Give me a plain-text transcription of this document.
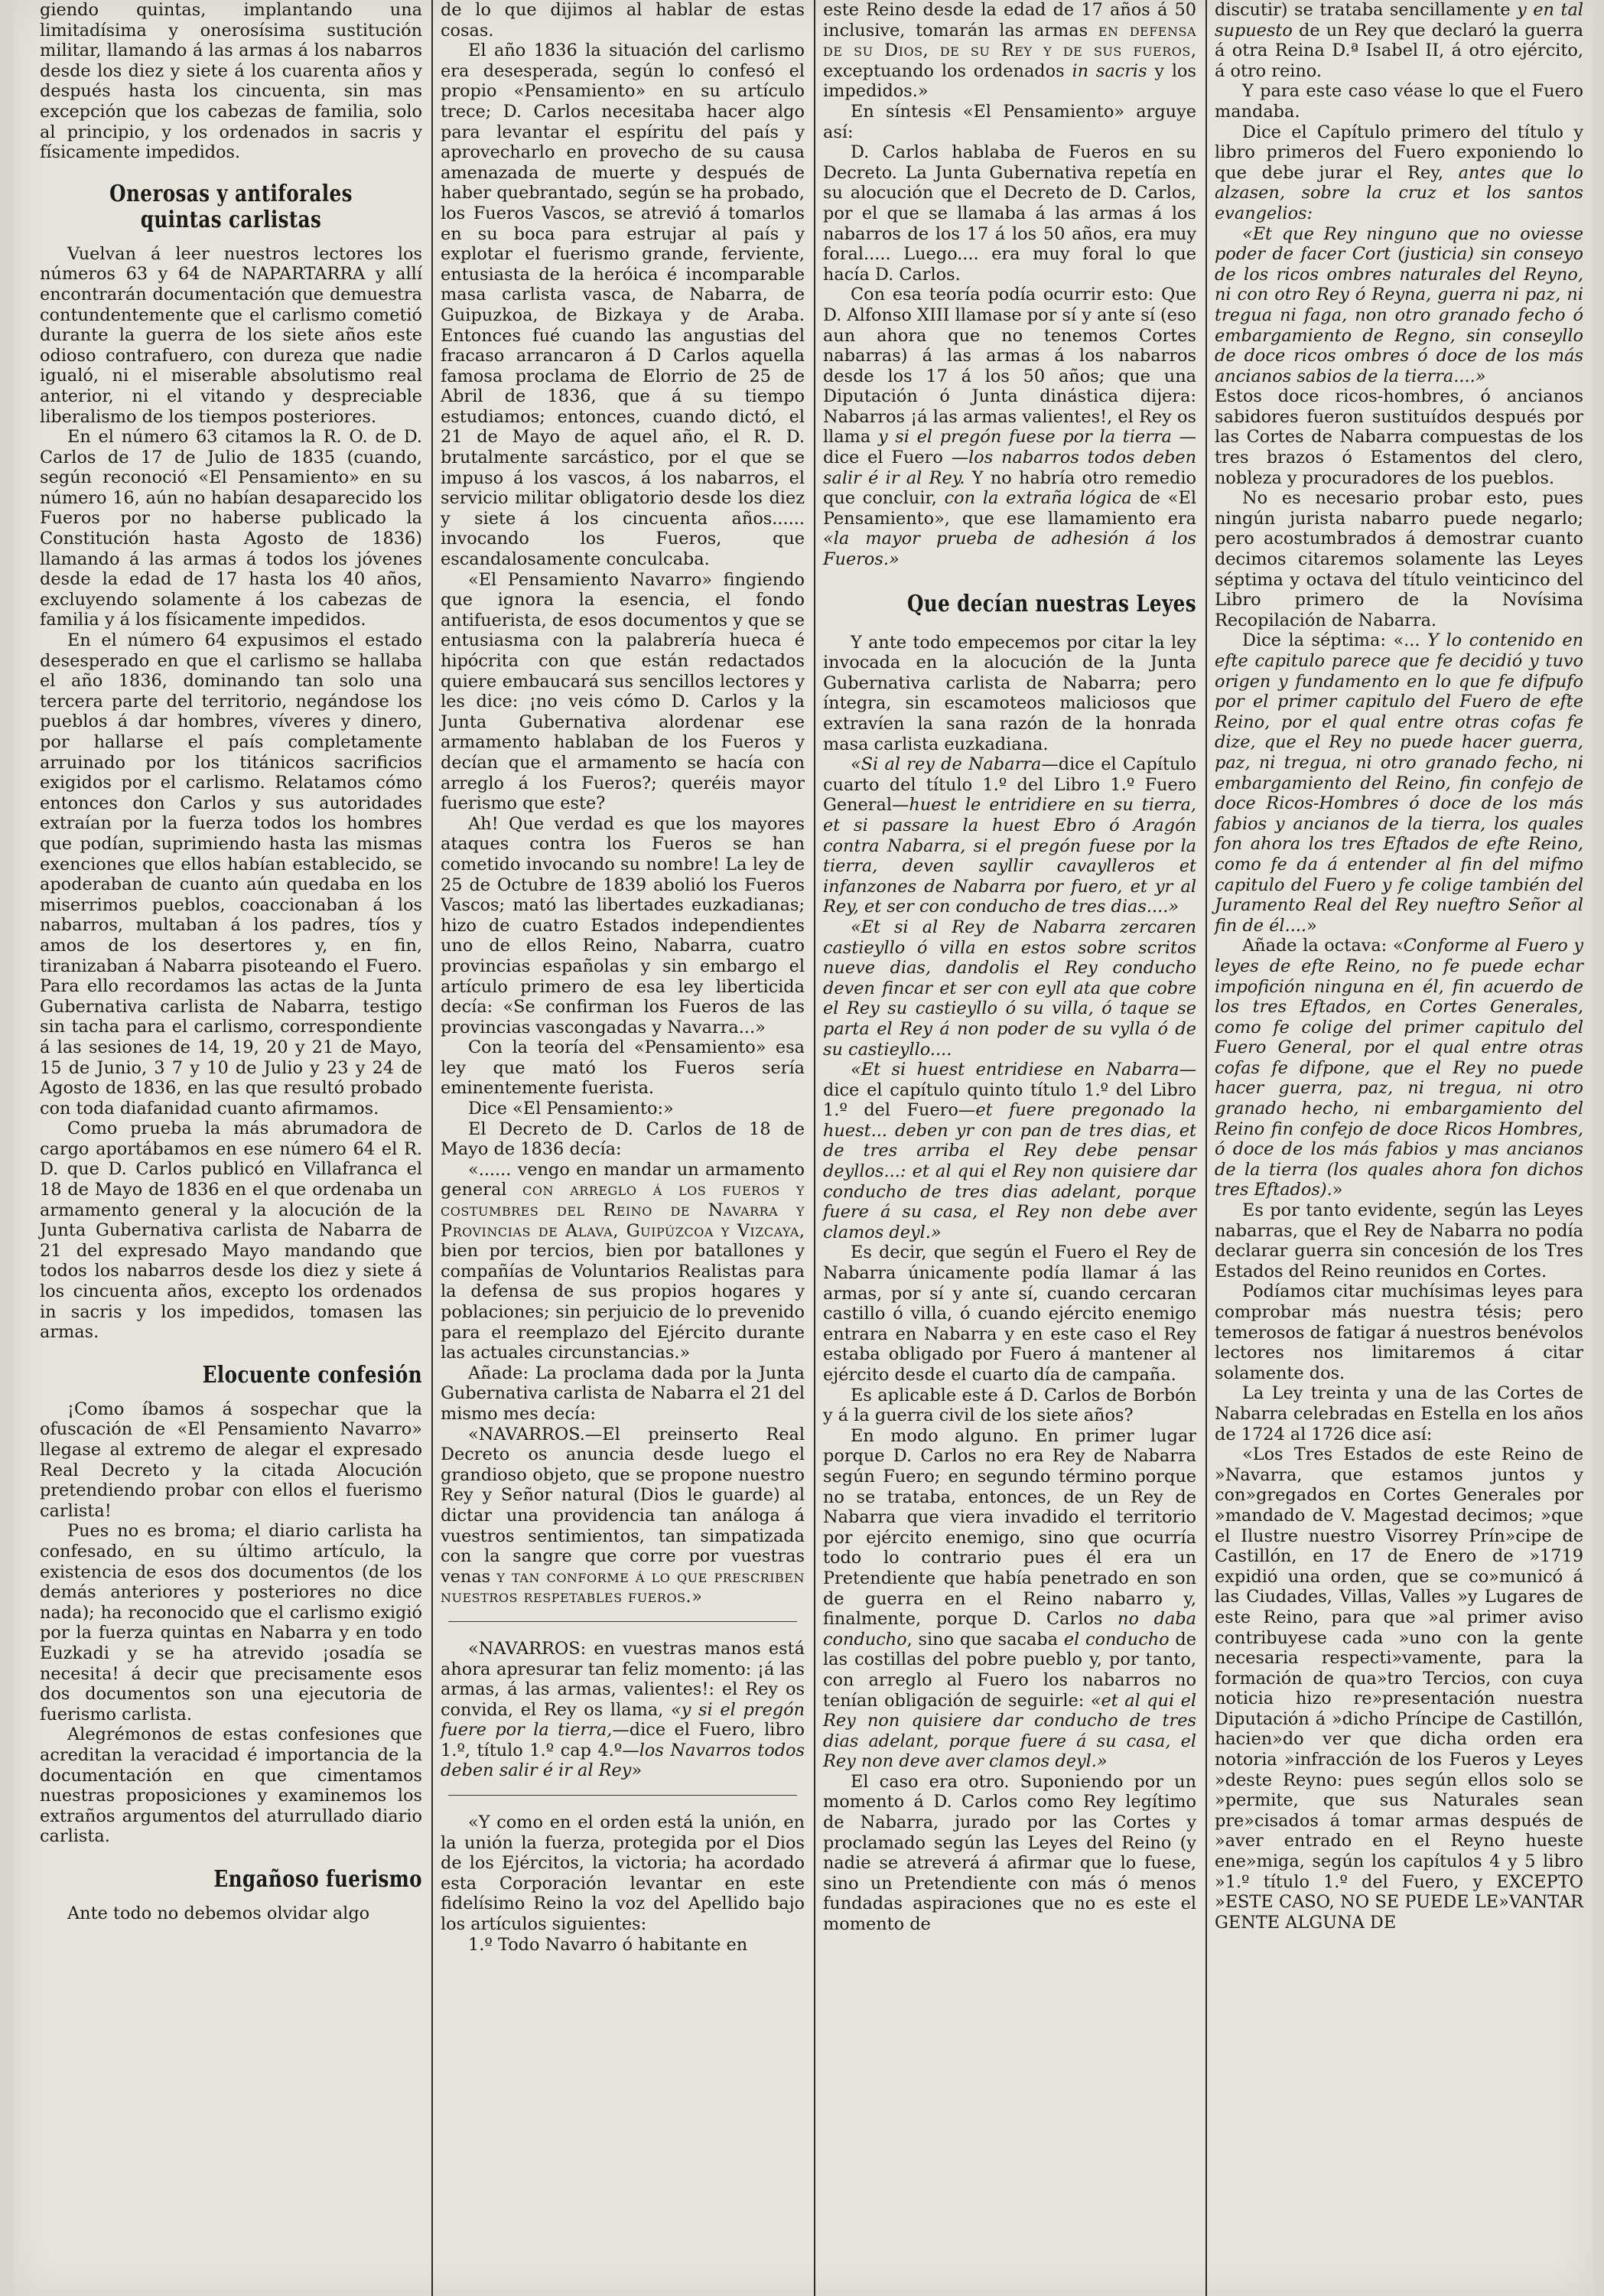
giendo quintas, implantando una limitadísima y onerosísima sustitución militar, llamando á las armas á los nabarros desde los diez y siete á los cuarenta años y después hasta los cincuenta, sin mas excepción que los cabezas de familia, solo al principio, y los ordenados in sacris y físicamente impedidos.

Onerosas y antiforales quintas carlistas

Vuelvan á leer nuestros lectores los números 63 y 64 de NAPARTARRA y allí encontrarán documentación que demuestra contundentemente que el carlismo cometió durante la guerra de los siete años este odioso contrafuero, con dureza que nadie igualó, ni el miserable absolutismo real anterior, ni el vitando y despreciable liberalismo de los tiempos posteriores.

En el número 63 citamos la R. O. de D. Carlos de 17 de Julio de 1835 (cuando, según reconoció «El Pensamiento» en su número 16, aún no habían desaparecido los Fueros por no haberse publicado la Constitución hasta Agosto de 1836) llamando á las armas á todos los jóvenes desde la edad de 17 hasta los 40 años, excluyendo solamente á los cabezas de familia y á los físicamente impedidos.

En el número 64 expusimos el estado desesperado en que el carlismo se hallaba el año 1836, dominando tan solo una tercera parte del territorio, negándose los pueblos á dar hombres, víveres y dinero, por hallarse el país completamente arruinado por los titánicos sacrificios exigidos por el carlismo. Relatamos cómo entonces don Carlos y sus autoridades extraían por la fuerza todos los hombres que podían, suprimiendo hasta las mismas exenciones que ellos habían establecido, se apoderaban de cuanto aún quedaba en los miserrimos pueblos, coaccionaban á los nabarros, multaban á los padres, tíos y amos de los desertores y, en fin, tiranizaban á Nabarra pisoteando el Fuero. Para ello recordamos las actas de la Junta Gubernativa carlista de Nabarra, testigo sin tacha para el carlismo, correspondiente á las sesiones de 14, 19, 20 y 21 de Mayo, 15 de Junio, 3 7 y 10 de Julio y 23 y 24 de Agosto de 1836, en las que resultó probado con toda diafanidad cuanto afirmamos.

Como prueba la más abrumadora de cargo aportábamos en ese número 64 el R. D. que D. Carlos publicó en Villafranca el 18 de Mayo de 1836 en el que ordenaba un armamento general y la alocución de la Junta Gubernativa carlista de Nabarra de 21 del expresado Mayo mandando que todos los nabarros desde los diez y siete á los cincuenta años, excepto los ordenados in sacris y los impedidos, tomasen las armas.

Elocuente confesión

¡Como íbamos á sospechar que la ofuscación de «El Pensamiento Navarro» llegase al extremo de alegar el expresado Real Decreto y la citada Alocución pretendiendo probar con ellos el fuerismo carlista!

Pues no es broma; el diario carlista ha confesado, en su último artículo, la existencia de esos dos documentos (de los demás anteriores y posteriores no dice nada); ha reconocido que el carlismo exigió por la fuerza quintas en Nabarra y en todo Euzkadi y se ha atrevido ¡osadía se necesita! á decir que precisamente esos dos documentos son una ejecutoria de fuerismo carlista.

Alegrémonos de estas confesiones que acreditan la veracidad é importancia de la documentación en que cimentamos nuestras proposiciones y examinemos los extraños argumentos del aturrullado diario carlista.

Engañoso fuerismo

Ante todo no debemos olvidar algo

de lo que dijimos al hablar de estas cosas.

El año 1836 la situación del carlismo era desesperada, según lo confesó el propio «Pensamiento» en su artículo trece; D. Carlos necesitaba hacer algo para levantar el espíritu del país y aprovecharlo en provecho de su causa amenazada de muerte y después de haber quebrantado, según se ha probado, los Fueros Vascos, se atrevió á tomarlos en su boca para estrujar al país y explotar el fuerismo grande, ferviente, entusiasta de la heróica é incomparable masa carlista vasca, de Nabarra, de Guipuzkoa, de Bizkaya y de Araba. Entonces fué cuando las angustias del fracaso arrancaron á D Carlos aquella famosa proclama de Elorrio de 25 de Abril de 1836, que á su tiempo estudiamos; entonces, cuando dictó, el 21 de Mayo de aquel año, el R. D. brutalmente sarcástico, por el que se impuso á los vascos, á los nabarros, el servicio militar obligatorio desde los diez y siete á los cincuenta años...... invocando los Fueros, que escandalosamente conculcaba.

«El Pensamiento Navarro» fingiendo que ignora la esencia, el fondo antifuerista, de esos documentos y que se entusiasma con la palabrería hueca é hipócrita con que están redactados quiere embaucará sus sencillos lectores y les dice: ¡no veis cómo D. Carlos y la Junta Gubernativa alordenar ese armamento hablaban de los Fueros y decían que el armamento se hacía con arreglo á los Fueros?; queréis mayor fuerismo que este?

Ah! Que verdad es que los mayores ataques contra los Fueros se han cometido invocando su nombre! La ley de 25 de Octubre de 1839 abolió los Fueros Vascos; mató las libertades euzkadianas; hizo de cuatro Estados independientes uno de ellos Reino, Nabarra, cuatro provincias españolas y sin embargo el artículo primero de esa ley liberticida decía: «Se confirman los Fueros de las provincias vascongadas y Navarra...»

Con la teoría del «Pensamiento» esa ley que mató los Fueros sería eminentemente fuerista.

Dice «El Pensamiento:»

El Decreto de D. Carlos de 18 de Mayo de 1836 decía:

«...... vengo en mandar un armamento general con arreglo á los fueros y costumbres del Reino de Navarra y Provincias de Alava, Guipúzcoa y Vizcaya, bien por tercios, bien por batallones y compañías de Voluntarios Realistas para la defensa de sus propios hogares y poblaciones; sin perjuicio de lo prevenido para el reemplazo del Ejército durante las actuales circunstancias.»

Añade: La proclama dada por la Junta Gubernativa carlista de Nabarra el 21 del mismo mes decía:

«NAVARROS.—El preinserto Real Decreto os anuncia desde luego el grandioso objeto, que se propone nuestro Rey y Señor natural (Dios le guarde) al dictar una providencia tan análoga á vuestros sentimientos, tan simpatizada con la sangre que corre por vuestras venas y tan conforme á lo que prescriben nuestros respetables fueros.»

«NAVARROS: en vuestras manos está ahora apresurar tan feliz momento: ¡á las armas, á las armas, valientes!: el Rey os convida, el Rey os llama, «y si el pregón fuere por la tierra,—dice el Fuero, libro 1.º, título 1.º cap 4.º—los Navarros todos deben salir é ir al Rey»

«Y como en el orden está la unión, en la unión la fuerza, protegida por el Dios de los Ejércitos, la victoria; ha acordado esta Corporación levantar en este fidelísimo Reino la voz del Apellido bajo los artículos siguientes:

1.º Todo Navarro ó habitante en

este Reino desde la edad de 17 años á 50 inclusive, tomarán las armas en defensa de su Dios, de su Rey y de sus fueros, exceptuando los ordenados in sacris y los impedidos.»

En síntesis «El Pensamiento» arguye así:

D. Carlos hablaba de Fueros en su Decreto. La Junta Gubernativa repetía en su alocución que el Decreto de D. Carlos, por el que se llamaba á las armas á los nabarros de los 17 á los 50 años, era muy foral..... Luego.... era muy foral lo que hacía D. Carlos.

Con esa teoría podía ocurrir esto: Que D. Alfonso XIII llamase por sí y ante sí (eso aun ahora que no tenemos Cortes nabarras) á las armas á los nabarros desde los 17 á los 50 años; que una Diputación ó Junta dinástica dijera: Nabarros ¡á las armas valientes!, el Rey os llama y si el pregón fuese por la tierra —dice el Fuero —los nabarros todos deben salir é ir al Rey. Y no habría otro remedio que concluir, con la extraña lógica de «El Pensamiento», que ese llamamiento era «la mayor prueba de adhesión á los Fueros.»

Que decían nuestras Leyes

Y ante todo empecemos por citar la ley invocada en la alocución de la Junta Gubernativa carlista de Nabarra; pero íntegra, sin escamoteos maliciosos que extravíen la sana razón de la honrada masa carlista euzkadiana.

«Si al rey de Nabarra—dice el Capítulo cuarto del título 1.º del Libro 1.º Fuero General—huest le entridiere en su tierra, et si passare la huest Ebro ó Aragón contra Nabarra, si el pregón fuese por la tierra, deven sayllir cavaylleros et infanzones de Nabarra por fuero, et yr al Rey, et ser con conducho de tres dias....»

«Et si al Rey de Nabarra zercaren castieyllo ó villa en estos sobre scritos nueve dias, dandolis el Rey conducho deven fincar et ser con eyll ata que cobre el Rey su castieyllo ó su villa, ó taque se parta el Rey á non poder de su vylla ó de su castieyllo....

«Et si huest entridiese en Nabarra—dice el capítulo quinto título 1.º del Libro 1.º del Fuero—et fuere pregonado la huest... deben yr con pan de tres dias, et de tres arriba el Rey debe pensar deyllos...: et al qui el Rey non quisiere dar conducho de tres dias adelant, porque fuere á su casa, el Rey non debe aver clamos deyl.»

Es decir, que según el Fuero el Rey de Nabarra únicamente podía llamar á las armas, por sí y ante sí, cuando cercaran castillo ó villa, ó cuando ejército enemigo entrara en Nabarra y en este caso el Rey estaba obligado por Fuero á mantener al ejército desde el cuarto día de campaña.

Es aplicable este á D. Carlos de Borbón y á la guerra civil de los siete años?

En modo alguno. En primer lugar porque D. Carlos no era Rey de Nabarra según Fuero; en segundo término porque no se trataba, entonces, de un Rey de Nabarra que viera invadido el territorio por ejército enemigo, sino que ocurría todo lo contrario pues él era un Pretendiente que había penetrado en son de guerra en el Reino nabarro y, finalmente, porque D. Carlos no daba conducho, sino que sacaba el conducho de las costillas del pobre pueblo y, por tanto, con arreglo al Fuero los nabarros no tenían obligación de seguirle: «et al qui el Rey non quisiere dar conducho de tres dias adelant, porque fuere á su casa, el Rey non deve aver clamos deyl.»

El caso era otro. Suponiendo por un momento á D. Carlos como Rey legítimo de Nabarra, jurado por las Cortes y proclamado según las Leyes del Reino (y nadie se atreverá á afirmar que lo fuese, sino un Pretendiente con más ó menos fundadas aspiraciones que no es este el momento de

discutir) se trataba sencillamente y en tal supuesto de un Rey que declaró la guerra á otra Reina D.ª Isabel II, á otro ejército, á otro reino.

Y para este caso véase lo que el Fuero mandaba.

Dice el Capítulo primero del título y libro primeros del Fuero exponiendo lo que debe jurar el Rey, antes que lo alzasen, sobre la cruz et los santos evangelios:

«Et que Rey ninguno que no oviesse poder de facer Cort (justicia) sin conseyo de los ricos ombres naturales del Reyno, ni con otro Rey ó Reyna, guerra ni paz, ni tregua ni faga, non otro granado fecho ó embargamiento de Regno, sin conseyllo de doce ricos ombres ó doce de los más ancianos sabios de la tierra....»

Estos doce ricos-hombres, ó ancianos sabidores fueron sustituídos después por las Cortes de Nabarra compuestas de los tres brazos ó Estamentos del clero, nobleza y procuradores de los pueblos.

No es necesario probar esto, pues ningún jurista nabarro puede negarlo; pero acostumbrados á demostrar cuanto decimos citaremos solamente las Leyes séptima y octava del título veinticinco del Libro primero de la Novísima Recopilación de Nabarra.

Dice la séptima: «... Y lo contenido en efte capitulo parece que fe decidió y tuvo origen y fundamento en lo que fe difpufo por el primer capitulo del Fuero de efte Reino, por el qual entre otras cofas fe dize, que el Rey no puede hacer guerra, paz, ni tregua, ni otro granado fecho, ni embargamiento del Reino, fin confejo de doce Ricos-Hombres ó doce de los más fabios y ancianos de la tierra, los quales fon ahora los tres Eftados de efte Reino, como fe da á entender al fin del mifmo capitulo del Fuero y fe colige también del Juramento Real del Rey nueftro Señor al fin de él....»

Añade la octava: «Conforme al Fuero y leyes de efte Reino, no fe puede echar impofición ninguna en él, fin acuerdo de los tres Eftados, en Cortes Generales, como fe colige del primer capitulo del Fuero General, por el qual entre otras cofas fe difpone, que el Rey no puede hacer guerra, paz, ni tregua, ni otro granado hecho, ni embargamiento del Reino fin confejo de doce Ricos Hombres, ó doce de los más fabios y mas ancianos de la tierra (los quales ahora fon dichos tres Eftados).»

Es por tanto evidente, según las Leyes nabarras, que el Rey de Nabarra no podía declarar guerra sin concesión de los Tres Estados del Reino reunidos en Cortes.

Podíamos citar muchísimas leyes para comprobar más nuestra tésis; pero temerosos de fatigar á nuestros benévolos lectores nos limitaremos á citar solamente dos.

La Ley treinta y una de las Cortes de Nabarra celebradas en Estella en los años de 1724 al 1726 dice así:

«Los Tres Estados de este Reino de »Navarra, que estamos juntos y con»gregados en Cortes Generales por »mandado de V. Magestad decimos; »que el Ilustre nuestro Visorrey Prín»cipe de Castillón, en 17 de Enero de »1719 expidió una orden, que se co»municó á las Ciudades, Villas, Valles »y Lugares de este Reino, para que »al primer aviso contribuyese cada »uno con la gente necesaria respecti»vamente, para la formación de qua»tro Tercios, con cuya noticia hizo re»presentación nuestra Diputación á »dicho Príncipe de Castillón, hacien»do ver que dicha orden era notoria »infracción de los Fueros y Leyes »deste Reyno: pues según ellos solo se »permite, que sus Naturales sean pre»cisados á tomar armas después de »aver entrado en el Reyno hueste ene»miga, según los capítulos 4 y 5 libro »1.º título 1.º del Fuero, y EXCEPTO »ESTE CASO, NO SE PUEDE LE»VANTAR GENTE ALGUNA DE
